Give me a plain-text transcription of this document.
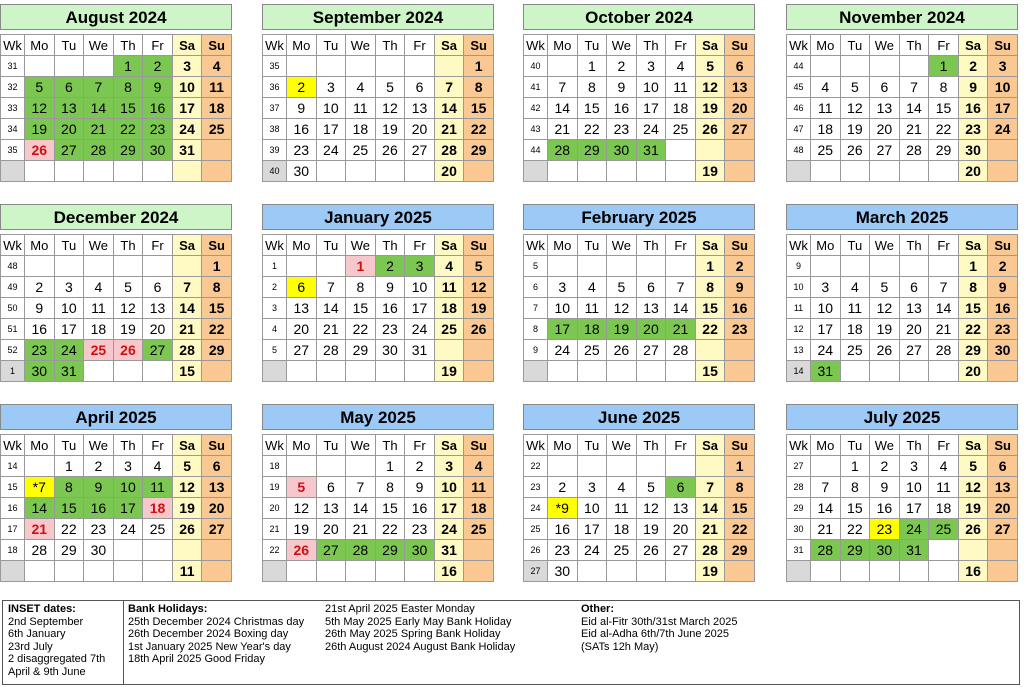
August 2024
Wk	Mo	Tu	We	Th	Fr	Sa	Su
31				1	2	3	4
32	5	6	7	8	9	10	11
33	12	13	14	15	16	17	18
34	19	20	21	22	23	24	25
35	26	27	28	29	30	31	

September 2024
Wk	Mo	Tu	We	Th	Fr	Sa	Su
35							1
36	2	3	4	5	6	7	8
37	9	10	11	12	13	14	15
38	16	17	18	19	20	21	22
39	23	24	25	26	27	28	29
40	30					20	
October 2024
Wk	Mo	Tu	We	Th	Fr	Sa	Su
40		1	2	3	4	5	6
41	7	8	9	10	11	12	13
42	14	15	16	17	18	19	20
43	21	22	23	24	25	26	27
44	28	29	30	31			
						19	
November 2024
Wk	Mo	Tu	We	Th	Fr	Sa	Su
44					1	2	3
45	4	5	6	7	8	9	10
46	11	12	13	14	15	16	17
47	18	19	20	21	22	23	24
48	25	26	27	28	29	30	
						20	
December 2024
Wk	Mo	Tu	We	Th	Fr	Sa	Su
48							1
49	2	3	4	5	6	7	8
50	9	10	11	12	13	14	15
51	16	17	18	19	20	21	22
52	23	24	25	26	27	28	29
1	30	31				15	
January 2025
Wk	Mo	Tu	We	Th	Fr	Sa	Su
1			1	2	3	4	5
2	6	7	8	9	10	11	12
3	13	14	15	16	17	18	19
4	20	21	22	23	24	25	26
5	27	28	29	30	31		
						19	
February 2025
Wk	Mo	Tu	We	Th	Fr	Sa	Su
5						1	2
6	3	4	5	6	7	8	9
7	10	11	12	13	14	15	16
8	17	18	19	20	21	22	23
9	24	25	26	27	28		
						15	
March 2025
Wk	Mo	Tu	We	Th	Fr	Sa	Su
9						1	2
10	3	4	5	6	7	8	9
11	10	11	12	13	14	15	16
12	17	18	19	20	21	22	23
13	24	25	26	27	28	29	30
14	31					20	
April 2025
Wk	Mo	Tu	We	Th	Fr	Sa	Su
14		1	2	3	4	5	6
15	*7	8	9	10	11	12	13
16	14	15	16	17	18	19	20
17	21	22	23	24	25	26	27
18	28	29	30				
						11	
May 2025
Wk	Mo	Tu	We	Th	Fr	Sa	Su
18				1	2	3	4
19	5	6	7	8	9	10	11
20	12	13	14	15	16	17	18
21	19	20	21	22	23	24	25
22	26	27	28	29	30	31	
						16	
June 2025
Wk	Mo	Tu	We	Th	Fr	Sa	Su
22							1
23	2	3	4	5	6	7	8
24	*9	10	11	12	13	14	15
25	16	17	18	19	20	21	22
26	23	24	25	26	27	28	29
27	30					19	
July 2025
Wk	Mo	Tu	We	Th	Fr	Sa	Su
27		1	2	3	4	5	6
28	7	8	9	10	11	12	13
29	14	15	16	17	18	19	20
30	21	22	23	24	25	26	27
31	28	29	30	31			
						16	
INSET dates:
2nd September
6th January
23rd July
2 disaggregated 7th
April & 9th June
Bank Holidays:
25th December 2024 Christmas day
26th December 2024 Boxing day
1st January 2025 New Year's day
18th April 2025 Good Friday
21st April 2025 Easter Monday
5th May 2025 Early May Bank Holiday
26th May 2025 Spring Bank Holiday
26th August 2024 August Bank Holiday
Other:
Eid al-Fitr 30th/31st March 2025
Eid al-Adha 6th/7th June 2025
(SATs 12h May)
